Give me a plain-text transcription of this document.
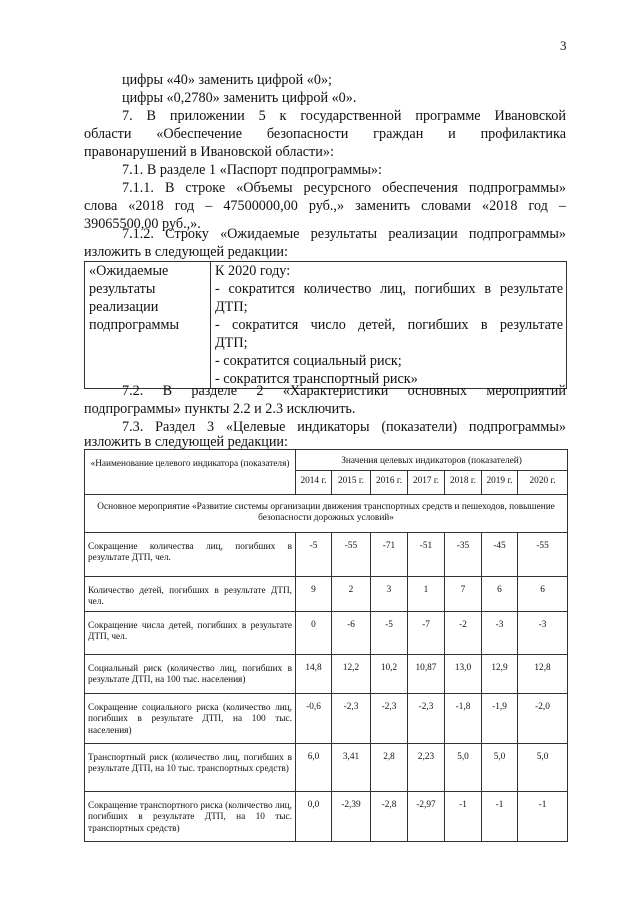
3
цифры «40» заменить цифрой «0»;
цифры «0,2780» заменить цифрой «0».
7. В приложении 5 к государственной программе Ивановской
области «Обеспечение безопасности граждан и профилактика
правонарушений в Ивановской области»:
7.1. В разделе 1 «Паспорт подпрограммы»:
7.1.1. В строке «Объемы ресурсного обеспечения подпрограммы»
слова «2018 год – 47500000,00 руб.,» заменить словами «2018 год –
39065500,00 руб.,».
7.1.2. Строку «Ожидаемые результаты реализации подпрограммы»
изложить в следующей редакции:
«Ожидаемые
результаты
реализации
подпрограммы

К 2020 году:
- сократится количество лиц, погибших в результате
ДТП;
- сократится число детей, погибших в результате
ДТП;
- сократится социальный риск;
- сократится транспортный риск»
7.2. В разделе 2 «Характеристики основных мероприятий
подпрограммы» пункты 2.2 и 2.3 исключить.
7.3. Раздел 3 «Целевые индикаторы (показатели) подпрограммы»
изложить в следующей редакции:
«Наименование целевого индикатора (показателя)	Значения целевых индикаторов (показателей)						
	2014 г.	2015 г.	2016 г.	2017 г.	2018 г.	2019 г.	2020 г.
Основное мероприятие «Развитие системы организации движения транспортных средств и пешеходов, повышение безопасности дорожных условий»							
Сокращение количества лиц, погибших в результате ДТП, чел.	-5	-55	-71	-51	-35	-45	-55
Количество детей, погибших в результате ДТП, чел.	9	2	3	1	7	6	6
Сокращение числа детей, погибших в результате ДТП, чел.	0	-6	-5	-7	-2	-3	-3
Социальный риск (количество лиц, погибших в результате ДТП, на 100 тыс. населения)	14,8	12,2	10,2	10,87	13,0	12,9	12,8
Сокращение социального риска (количество лиц, погибших в результате ДТП, на 100 тыс. населения)	-0,6	-2,3	-2,3	-2,3	-1,8	-1,9	-2,0
Транспортный риск (количество лиц, погибших в результате ДТП, на 10 тыс. транспортных средств)	6,0	3,41	2,8	2,23	5,0	5,0	5,0
Сокращение транспортного риска (количество лиц, погибших в результате ДТП, на 10 тыс. транспортных средств)	0,0	-2,39	-2,8	-2,97	-1	-1	-1
